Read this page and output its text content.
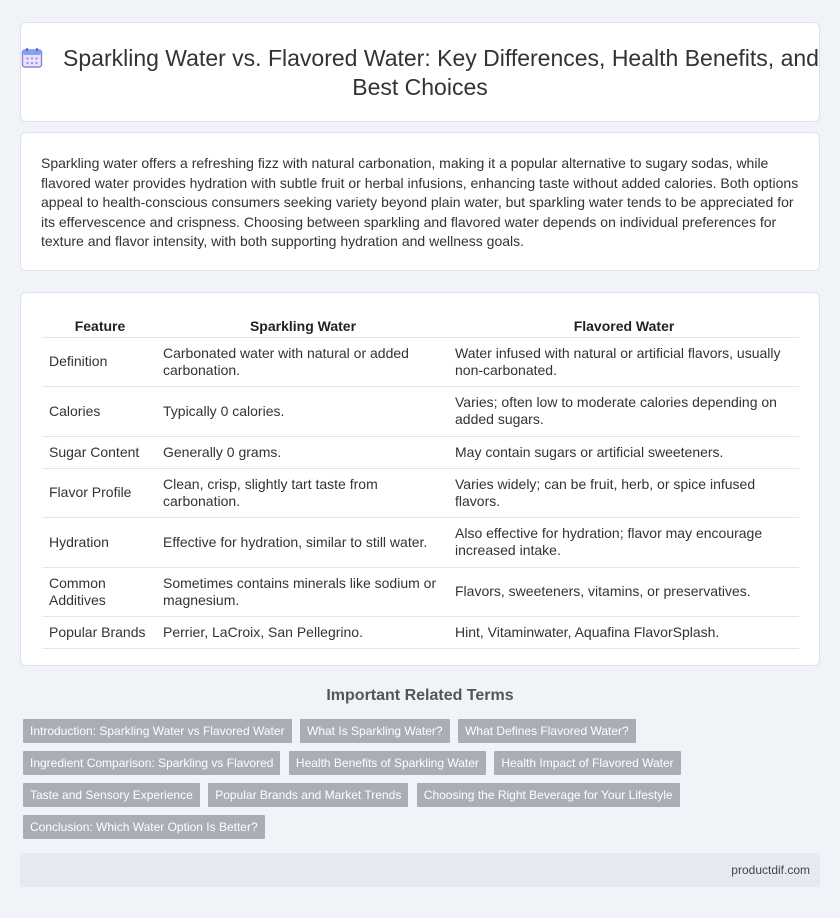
Sparkling Water vs. Flavored Water: Key Differences, Health Benefits, and Best Choices

Sparkling water offers a refreshing fizz with natural carbonation, making it a popular alternative to sugary sodas, while flavored water provides hydration with subtle fruit or herbal infusions, enhancing taste without added calories. Both options appeal to health-conscious consumers seeking variety beyond plain water, but sparkling water tends to be appreciated for its effervescence and crispness. Choosing between sparkling and flavored water depends on individual preferences for texture and flavor intensity, with both supporting hydration and wellness goals.

Feature	Sparkling Water	Flavored Water
Definition	Carbonated water with natural or added carbonation.	Water infused with natural or artificial flavors, usually non-carbonated.
Calories	Typically 0 calories.	Varies; often low to moderate calories depending on added sugars.
Sugar Content	Generally 0 grams.	May contain sugars or artificial sweeteners.
Flavor Profile	Clean, crisp, slightly tart taste from carbonation.	Varies widely; can be fruit, herb, or spice infused flavors.
Hydration	Effective for hydration, similar to still water.	Also effective for hydration; flavor may encourage increased intake.
Common Additives	Sometimes contains minerals like sodium or magnesium.	Flavors, sweeteners, vitamins, or preservatives.
Popular Brands	Perrier, LaCroix, San Pellegrino.	Hint, Vitaminwater, Aquafina FlavorSplash.
Important Related Terms
Introduction: Sparkling Water vs Flavored Water What Is Sparkling Water? What Defines Flavored Water? Ingredient Comparison: Sparkling vs Flavored Health Benefits of Sparkling Water Health Impact of Flavored Water Taste and Sensory Experience Popular Brands and Market Trends Choosing the Right Beverage for Your Lifestyle Conclusion: Which Water Option Is Better?
productdif.com
